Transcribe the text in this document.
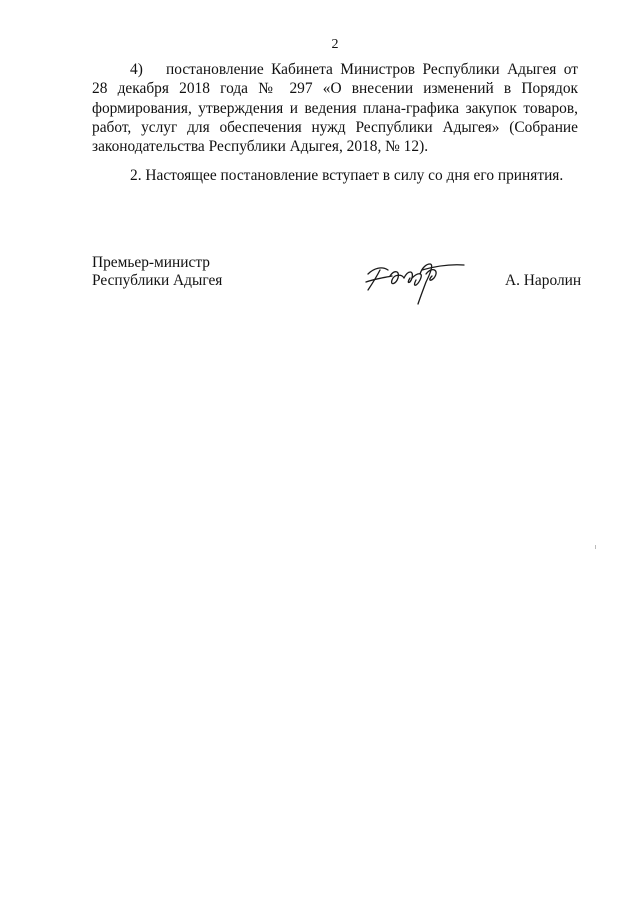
2
4) постановление Кабинета Министров Республики Адыгея от 28 декабря 2018 года № 297 «О внесении изменений в Порядок формирования, утверждения и ведения плана-графика закупок товаров, работ, услуг для обеспечения нужд Республики Адыгея» (Собрание законодательства Республики Адыгея, 2018, № 12).
2. Настоящее постановление вступает в силу со дня его принятия.
Премьер-министр
Республики Адыгея	А. Наролин
